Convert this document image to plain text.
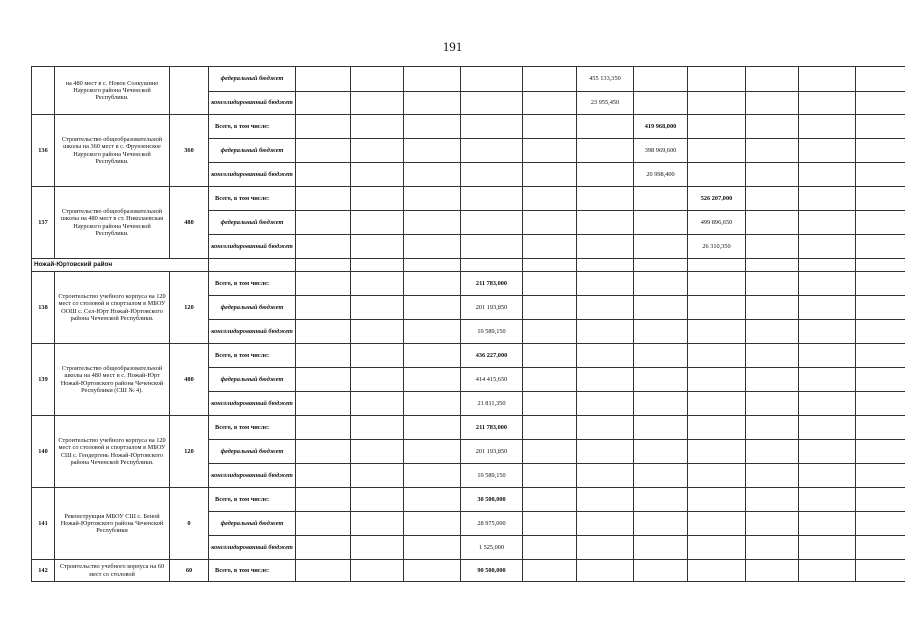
191
	на 480 мест в с. Новое Солкушино Наурского района Чеченской Республики.		федеральный бюджет						455 133,350						
			консолидированный бюджет						23 955,450						
136	Строительство общеобразовательной школы на 360 мест в с. Фрунзенское Наурского района Чеченской Республики.	360	Всего, в том числе:							419 968,000					
			федеральный бюджет							398 969,600					
			консолидированный бюджет							20 998,400					
137	Строительство общеобразовательной школы на 480 мест в ст. Николаевская Наурского района Чеченской Республики.	480	Всего, в том числе:								526 207,000				
			федеральный бюджет								499 896,650				
			консолидированный бюджет								26 310,350				
Ножай-Юртовский район															
138	Строительство учебного корпуса на 120 мест со столовой и спортзалом в МБОУ ООШ с. Сел-Юрт Ножай-Юртовского района Чеченской Республики.	120	Всего, в том числе:				211 783,000								
			федеральный бюджет				201 193,850								
			консолидированный бюджет				10 589,150								
139	Строительство общеобразовательной школы на 480 мест в с. Ножай-Юрт Ножай-Юртовского района Чеченской Республики (СШ № 4).	480	Всего, в том числе:				436 227,000								
			федеральный бюджет				414 415,650								
			консолидированный бюджет				21 811,350								
140	Строительство учебного корпуса на 120 мест со столовой и спортзалом в МБОУ СШ с. Гендергень Ножай-Юртовского района Чеченской Республики.	120	Всего, в том числе:				211 783,000								
			федеральный бюджет				201 193,850								
			консолидированный бюджет				10 589,150								
141	Реконструкция МБОУ СШ с. Беной Ножай-Юртовского района Чеченской Республики	0	Всего, в том числе:				30 500,000								
			федеральный бюджет				28 975,000								
			консолидированный бюджет				1 525,000								
142	Строительство учебного корпуса на 60 мест со столовой	60	Всего, в том числе:				90 500,000								
